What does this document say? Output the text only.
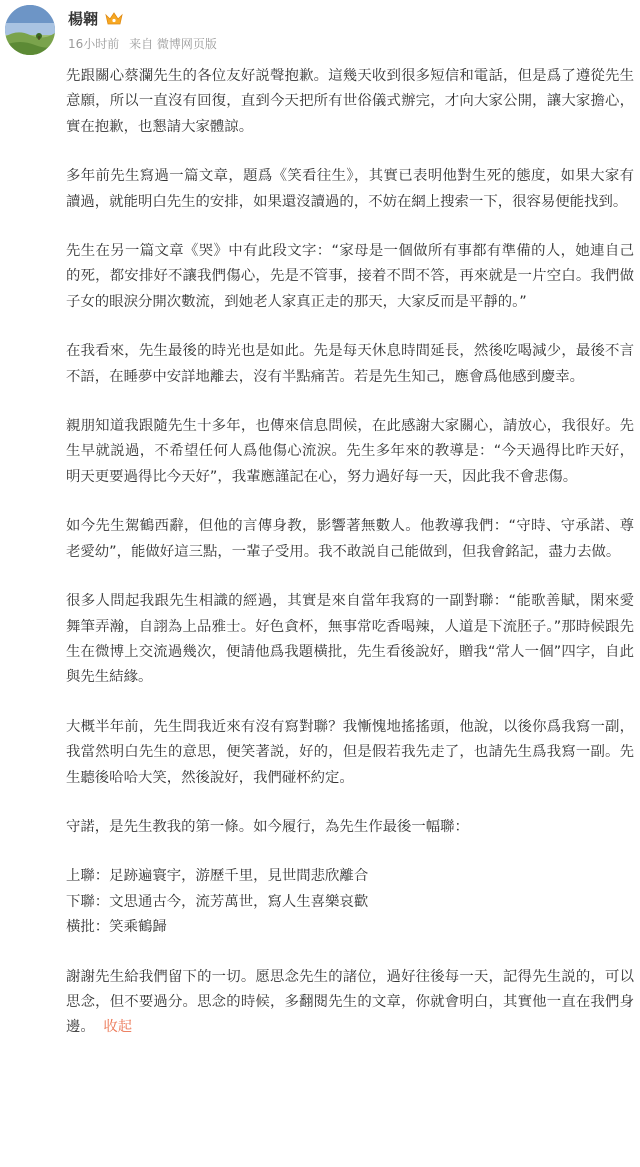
楊翱
16小时前 来自 微博网页版

先跟關心蔡瀾先生的各位友好説聲抱歉。這幾天收到很多短信和電話，但是爲了遵從先生意願，所以一直沒有回復，直到今天把所有世俗儀式辦完，才向大家公開，讓大家擔心，實在抱歉，也懇請大家體諒。

多年前先生寫過一篇文章，題爲《笑看往生》，其實已表明他對生死的態度，如果大家有讀過，就能明白先生的安排，如果還沒讀過的，不妨在網上搜索一下，很容易便能找到。

先生在另一篇文章《哭》中有此段文字：“家母是一個做所有事都有準備的人，她連自己的死，都安排好不讓我們傷心，先是不管事，接着不問不答，再來就是一片空白。我們做子女的眼淚分開次數流，到她老人家真正走的那天，大家反而是平靜的。”

在我看來，先生最後的時光也是如此。先是每天休息時間延長，然後吃喝減少，最後不言不語，在睡夢中安詳地離去，沒有半點痛苦。若是先生知己，應會爲他感到慶幸。

親朋知道我跟隨先生十多年，也傳來信息問候，在此感謝大家關心，請放心，我很好。先生早就説過，不希望任何人爲他傷心流淚。先生多年來的教導是：“今天過得比昨天好，明天更要過得比今天好”，我輩應謹記在心，努力過好每一天，因此我不會悲傷。

如今先生駕鶴西辭，但他的言傳身教，影響著無數人。他教導我們：“守時、守承諾、尊老愛幼”，能做好這三點，一輩子受用。我不敢説自己能做到，但我會銘記，盡力去做。

很多人問起我跟先生相識的經過，其實是來自當年我寫的一副對聯：“能歌善賦，閑來愛舞筆弄瀚，自詡為上品雅士。好色貪杯，無事常吃香喝辣，人道是下流胚子。”那時候跟先生在微博上交流過幾次，便請他爲我題橫批，先生看後說好，贈我“常人一個”四字，自此與先生結緣。

大概半年前，先生問我近來有沒有寫對聯？我慚愧地搖搖頭，他說，以後你爲我寫一副，我當然明白先生的意思，便笑著説，好的，但是假若我先走了，也請先生爲我寫一副。先生聽後哈哈大笑，然後說好，我們碰杯約定。

守諾，是先生教我的第一條。如今履行，為先生作最後一幅聯：

上聯：足跡遍寰宇，游歷千里，見世間悲欣離合
下聯：文思通古今，流芳萬世，寫人生喜樂哀歡
橫批：笑乘鶴歸

謝謝先生給我們留下的一切。愿思念先生的諸位，過好往後每一天，記得先生説的，可以思念，但不要過分。思念的時候，多翻閱先生的文章，你就會明白，其實他一直在我們身邊。 收起
